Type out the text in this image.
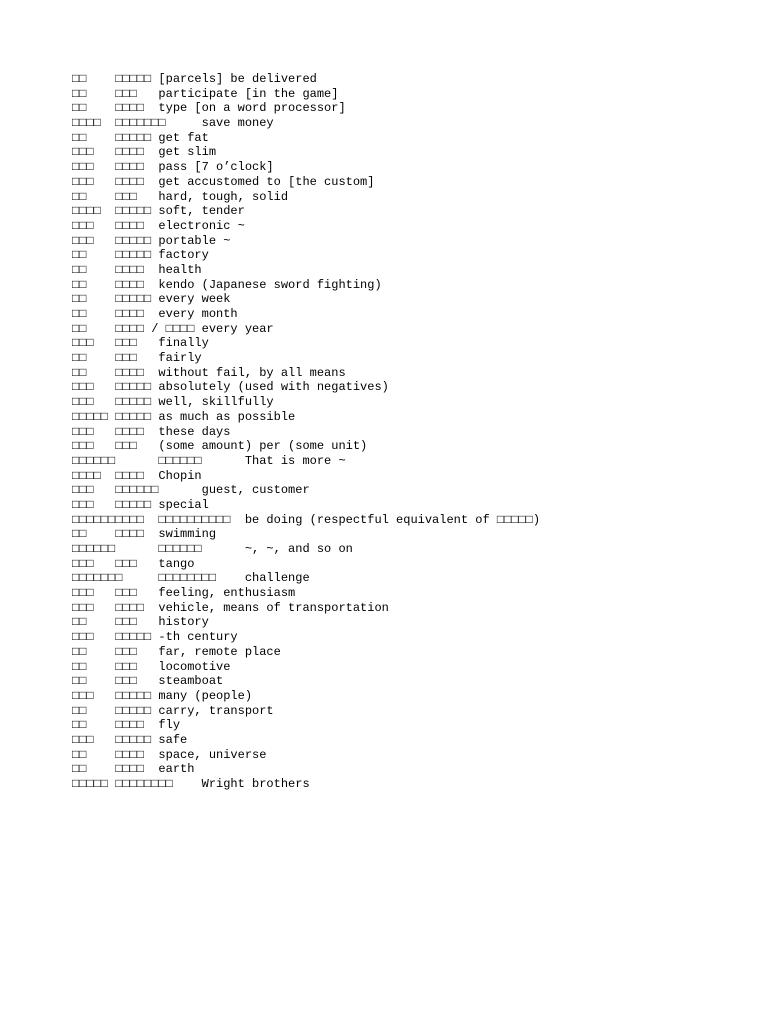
□□    □□□□□ [parcels] be delivered
□□    □□□   participate [in the game]
□□    □□□□  type [on a word processor]
□□□□  □□□□□□□     save money
□□    □□□□□ get fat
□□□   □□□□  get slim
□□□   □□□□  pass [7 o’clock]
□□□   □□□□  get accustomed to [the custom]
□□    □□□   hard, tough, solid
□□□□  □□□□□ soft, tender
□□□   □□□□  electronic ~
□□□   □□□□□ portable ~
□□    □□□□□ factory
□□    □□□□  health
□□    □□□□  kendo (Japanese sword fighting)
□□    □□□□□ every week
□□    □□□□  every month
□□    □□□□ / □□□□ every year
□□□   □□□   finally
□□    □□□   fairly
□□    □□□□  without fail, by all means
□□□   □□□□□ absolutely (used with negatives)
□□□   □□□□□ well, skillfully
□□□□□ □□□□□ as much as possible
□□□   □□□□  these days
□□□   □□□   (some amount) per (some unit)
□□□□□□      □□□□□□      That is more ~
□□□□  □□□□  Chopin
□□□   □□□□□□      guest, customer
□□□   □□□□□ special
□□□□□□□□□□  □□□□□□□□□□  be doing (respectful equivalent of □□□□□)
□□    □□□□  swimming
□□□□□□      □□□□□□      ~, ~, and so on
□□□   □□□   tango
□□□□□□□     □□□□□□□□    challenge
□□□   □□□   feeling, enthusiasm
□□□   □□□□  vehicle, means of transportation
□□    □□□   history
□□□   □□□□□ -th century
□□    □□□   far, remote place
□□    □□□   locomotive
□□    □□□   steamboat
□□□   □□□□□ many (people)
□□    □□□□□ carry, transport
□□    □□□□  fly
□□□   □□□□□ safe
□□    □□□□  space, universe
□□    □□□□  earth
□□□□□ □□□□□□□□    Wright brothers
